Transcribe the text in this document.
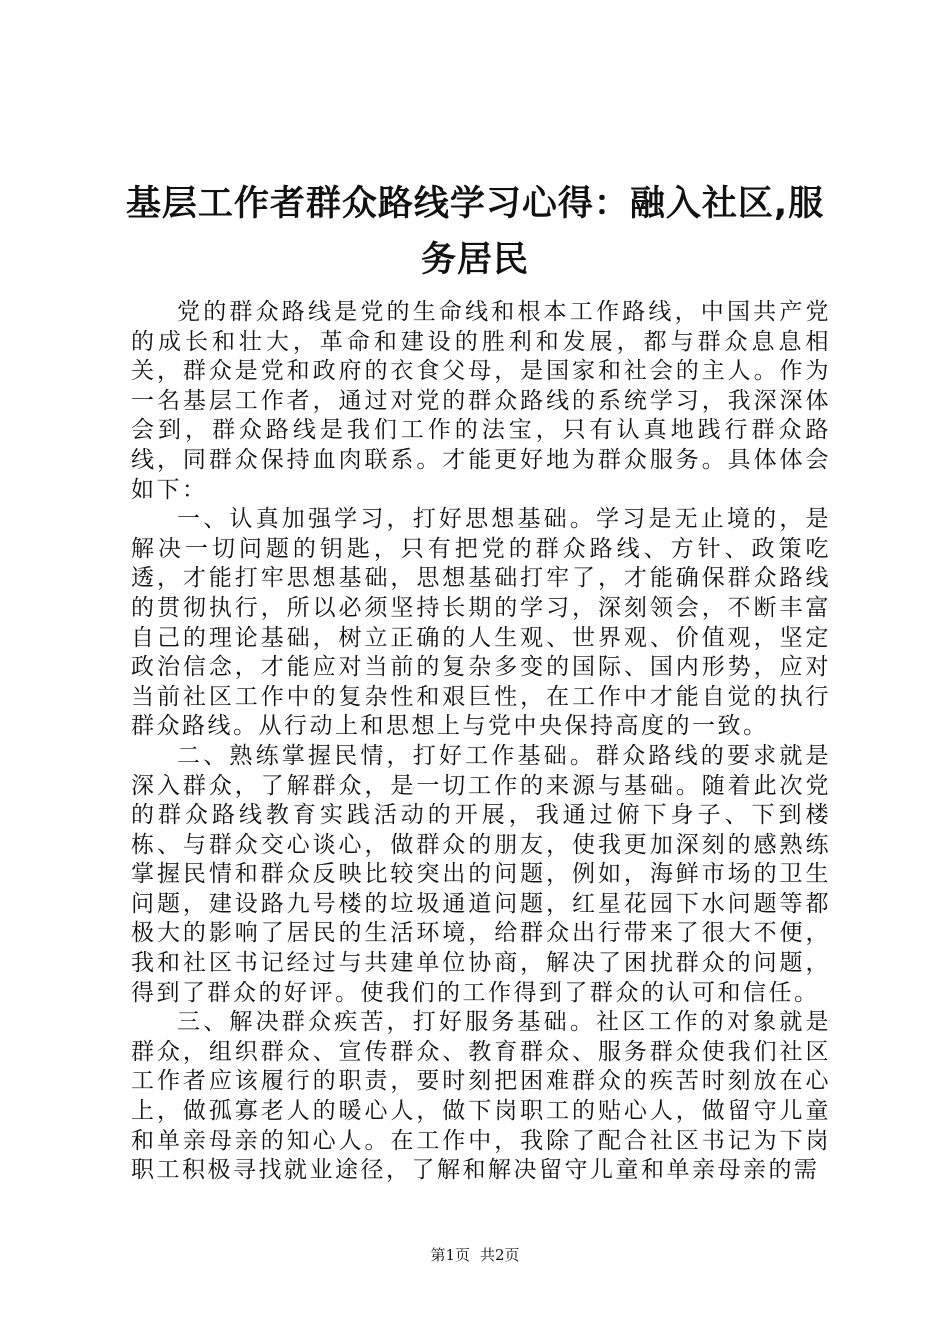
基层工作者群众路线学习心得：融入社区,服务居民

党的群众路线是党的生命线和根本工作路线，中国共产党的成长和壮大，革命和建设的胜利和发展，都与群众息息相关，群众是党和政府的衣食父母，是国家和社会的主人。作为一名基层工作者，通过对党的群众路线的系统学习，我深深体会到，群众路线是我们工作的法宝，只有认真地践行群众路线，同群众保持血肉联系。才能更好地为群众服务。具体体会如下：

一、认真加强学习，打好思想基础。学习是无止境的，是解决一切问题的钥匙，只有把党的群众路线、方针、政策吃透，才能打牢思想基础，思想基础打牢了，才能确保群众路线的贯彻执行，所以必须坚持长期的学习，深刻领会，不断丰富自己的理论基础，树立正确的人生观、世界观、价值观，坚定政治信念，才能应对当前的复杂多变的国际、国内形势，应对当前社区工作中的复杂性和艰巨性，在工作中才能自觉的执行群众路线。从行动上和思想上与党中央保持高度的一致。

二、熟练掌握民情，打好工作基础。群众路线的要求就是深入群众，了解群众，是一切工作的来源与基础。随着此次党的群众路线教育实践活动的开展，我通过俯下身子、下到楼栋、与群众交心谈心，做群众的朋友，使我更加深刻的感熟练掌握民情和群众反映比较突出的问题，例如，海鲜市场的卫生问题，建设路九号楼的垃圾通道问题，红星花园下水问题等都极大的影响了居民的生活环境，给群众出行带来了很大不便，我和社区书记经过与共建单位协商，解决了困扰群众的问题，得到了群众的好评。使我们的工作得到了群众的认可和信任。

三、解决群众疾苦，打好服务基础。社区工作的对象就是群众，组织群众、宣传群众、教育群众、服务群众使我们社区工作者应该履行的职责，要时刻把困难群众的疾苦时刻放在心上，做孤寡老人的暖心人，做下岗职工的贴心人，做留守儿童和单亲母亲的知心人。在工作中，我除了配合社区书记为下岗职工积极寻找就业途径，了解和解决留守儿童和单亲母亲的需

第1页 共2页
